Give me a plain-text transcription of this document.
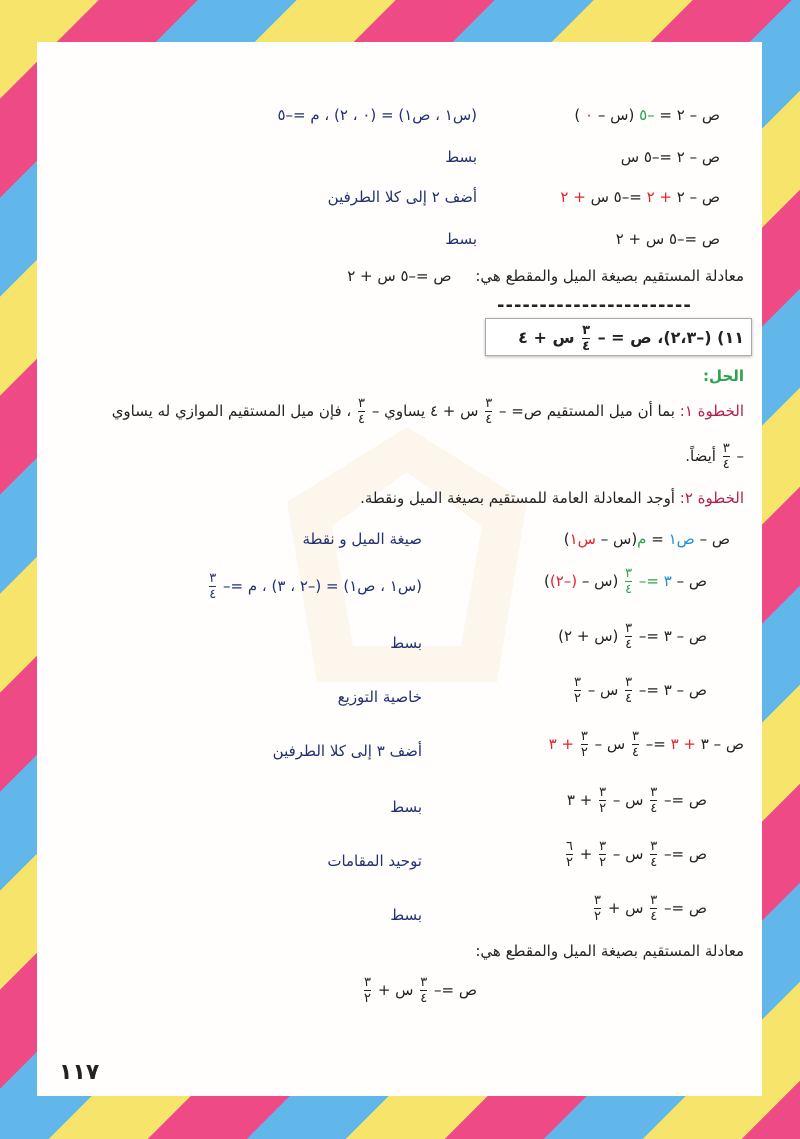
ص – ٢ = –٥ (س – ٠ )
(س١ ، ص١) = (٠ ، ٢) ، م =–٥
ص – ٢ =–٥ س
بسط
ص – ٢ + ٢ =–٥ س + ٢
أضف ٢ إلى كلا الطرفين
ص =–٥ س + ٢
بسط
معادلة المستقيم بصيغة الميل والمقطع هي:     ص =–٥ س + ٢
-----------------------
١١) (–٢،٣)، ص = –
$\frac{٣}{٤}$
س + ٤
الحل:
الخطوة ١: بما أن ميل المستقيم ص= –
$\frac{٣}{٤}$
س + ٤ يساوي –
$\frac{٣}{٤}$
، فإن ميل المستقيم الموازي له يساوي
–
$\frac{٣}{٤}$
أيضاً.
الخطوة ٢: أوجد المعادلة العامة للمستقيم بصيغة الميل ونقطة.
ص – ص١ = م(س – س١)
صيغة الميل و نقطة
ص – ٣ =–
$\frac{٣}{٤}$
(س – (–٢))
(س١ ، ص١) = (–٢ ، ٣) ، م =–
$\frac{٣}{٤}$
ص – ٣ =–
$\frac{٣}{٤}$
(س + ٢)
بسط
ص – ٣ =–
$\frac{٣}{٤}$
س –
$\frac{٣}{٢}$
خاصية التوزيع
ص – ٣ + ٣ =–
$\frac{٣}{٤}$
س –
$\frac{٣}{٢}$
+ ٣
أضف ٣ إلى كلا الطرفين
ص =–
$\frac{٣}{٤}$
س –
$\frac{٣}{٢}$
+ ٣
بسط
ص =–
$\frac{٣}{٤}$
س –
$\frac{٣}{٢}$
+
$\frac{٦}{٢}$
توحيد المقامات
ص =–
$\frac{٣}{٤}$
س +
$\frac{٣}{٢}$
بسط
معادلة المستقيم بصيغة الميل والمقطع هي:
ص =–
$\frac{٣}{٤}$
س +
$\frac{٣}{٢}$
١١٧
